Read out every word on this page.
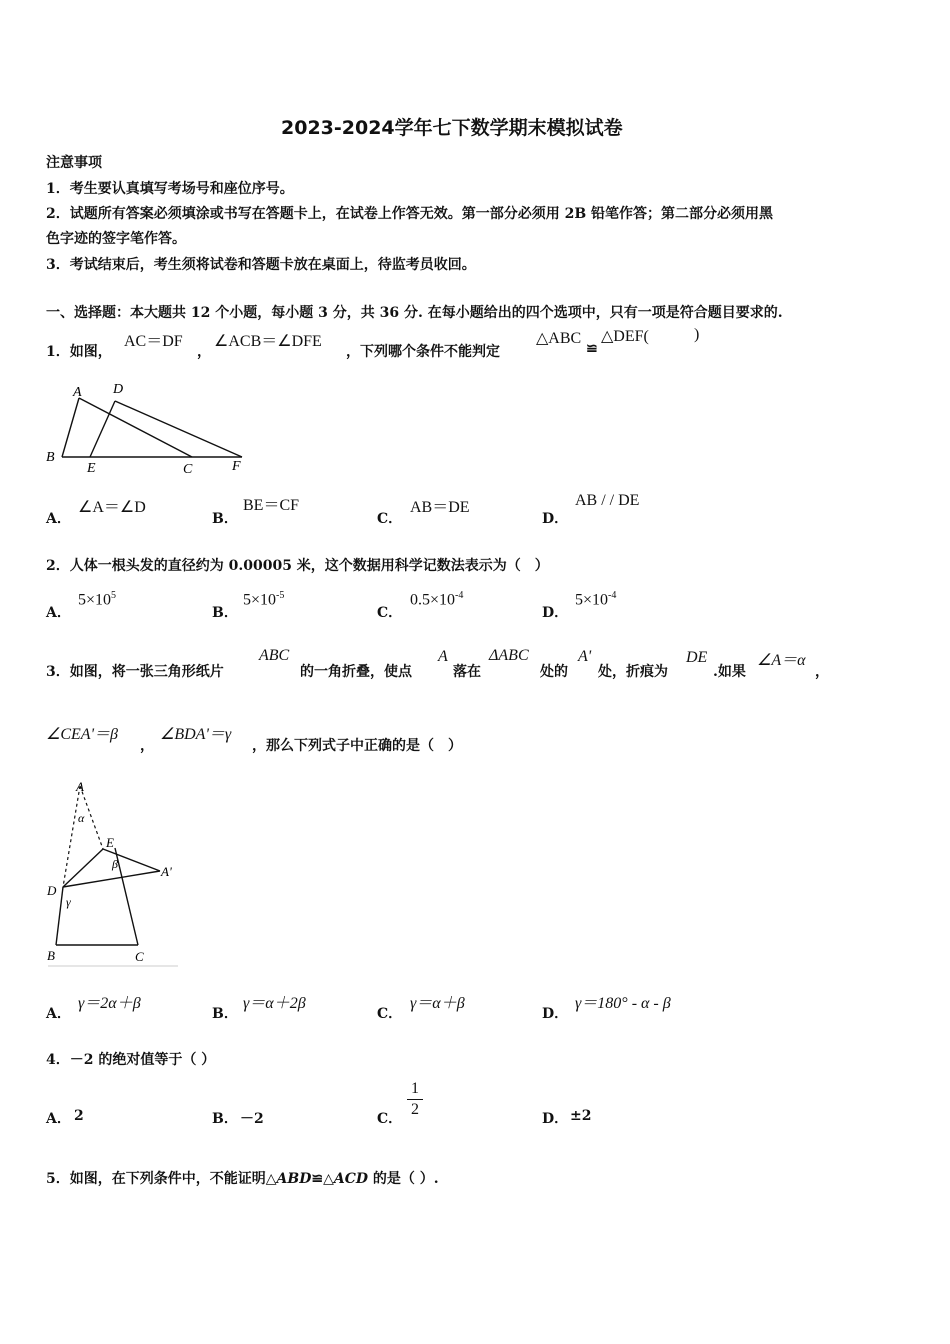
2023-2024学年七下数学期末模拟试卷
注意事项
1．考生要认真填写考场号和座位序号。
2．试题所有答案必须填涂或书写在答题卡上，在试卷上作答无效。第一部分必须用 2B 铅笔作答；第二部分必须用黑
色字迹的签字笔作答。
3．考试结束后，考生须将试卷和答题卡放在桌面上，待监考员收回。
一、选择题：本大题共 12 个小题，每小题 3 分，共 36 分. 在每小题给出的四个选项中，只有一项是符合题目要求的.
1．如图，
AC＝DF
，
∠ACB＝∠DFE
，下列哪个条件不能判定
△ABC
≌
△DEF(	)
A D
B
E	C	F
A．
∠A＝∠D
B．
BE＝CF
C．
AB＝DE
D．
AB / / DE
2．人体一根头发的直径约为 0.00005 米，这个数据用科学记数法表示为（　）
A．
$5\times 10^5$
B．
$5\times 10^{-5}$
C．
$0.5\times 10^{-4}$
D．
$5\times 10^{-4}$
3．如图，将一张三角形纸片
ABC
的一角折叠，使点
A
落在
ΔABC
处的
A'
处，折痕为
DE
.如果
∠A＝α
，
∠CEA'＝β
，
∠BDA'＝γ
，那么下列式子中正确的是（　）
A
α
E
β	A'
D
γ
B	C
A．
γ＝2α＋β
B．
γ＝α＋2β
C．
γ＝α＋β
D．
γ＝180° - α - β
4．－2 的绝对值等于（ ）
A． 2	B． －2	C．
1
2
D． ±2
5．如图，在下列条件中，不能证明△ABD≌△ACD 的是（ ）.
